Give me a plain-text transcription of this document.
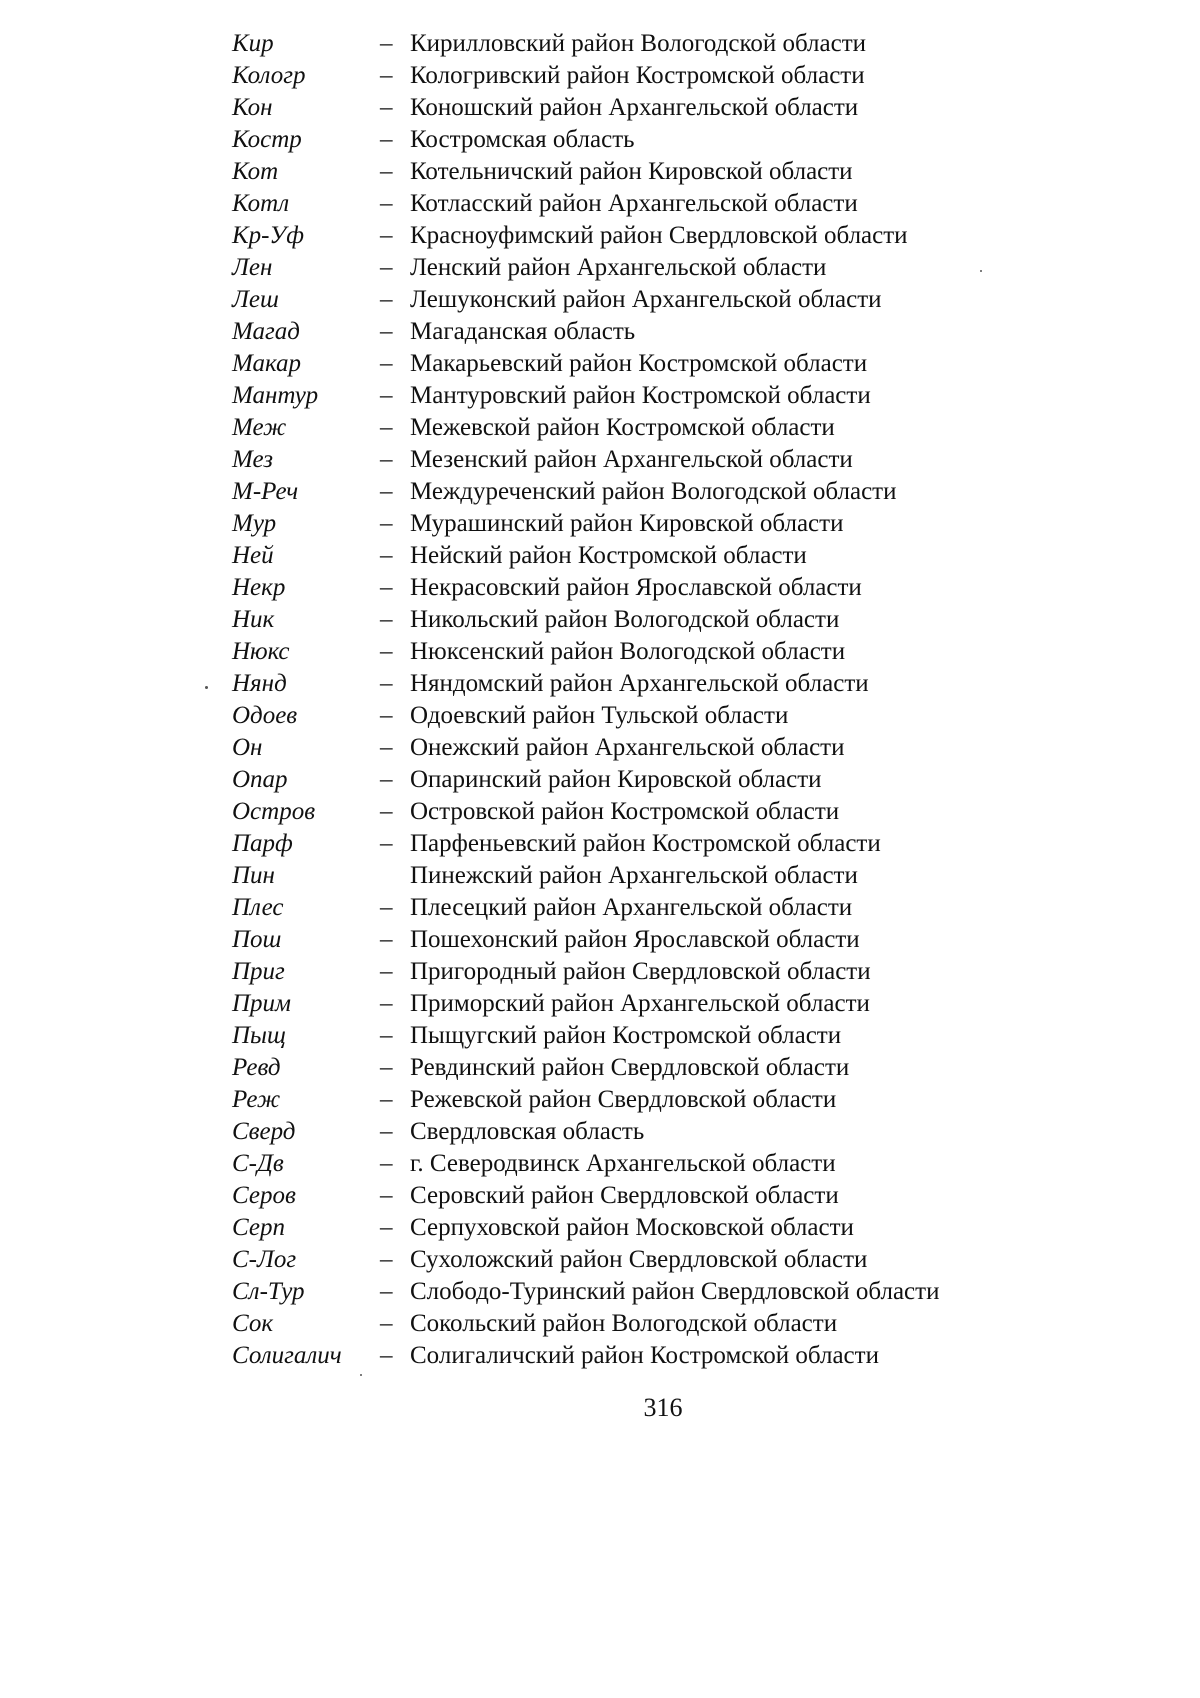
Кир	– Кирилловский район Вологодской области
Кологр	– Кологривский район Костромской области
Кон	– Коношский район Архангельской области
Костр	– Костромская область
Кот	– Котельничский район Кировской области
Котл	– Котласский район Архангельской области
Кр-Уф	– Красноуфимский район Свердловской области
Лен	– Ленский район Архангельской области
Леш	– Лешуконский район Архангельской области
Магад	– Магаданская область
Макар	– Макарьевский район Костромской области
Мантур – Мантуровский район Костромской области
Меж	– Межевской район Костромской области
Мез	– Мезенский район Архангельской области
М-Реч	– Междуреченский район Вологодской области
Мур	– Мурашинский район Кировской области
Ней	– Нейский район Костромской области
Некр	– Некрасовский район Ярославской области
Ник	– Никольский район Вологодской области
Нюкс	– Нюксенский район Вологодской области
Нянд	– Няндомский район Архангельской области
Одоев	– Одоевский район Тульской области
Он	– Онежский район Архангельской области
Опар	– Опаринский район Кировской области
Остров	– Островской район Костромской области
Парф	– Парфеньевский район Костромской области
Пин	Пинежский район Архангельской области
Плес	– Плесецкий район Архангельской области
Пош	– Пошехонский район Ярославской области
Приг	– Пригородный район Свердловской области
Прим	– Приморский район Архангельской области
Пыщ	– Пыщугский район Костромской области
Ревд	– Ревдинский район Свердловской области
Реж	– Режевской район Свердловской области
Сверд	– Свердловская область
С-Дв	– г. Северодвинск Архангельской области
Серов	– Серовский район Свердловской области
Серп	– Серпуховской район Московской области
С-Лог	– Сухоложский район Свердловской области
Сл-Тур	– Слободо-Туринский район Свердловской области
Сок	– Сокольский район Вологодской области
Солигалич – Солигаличский район Костромской области
316
